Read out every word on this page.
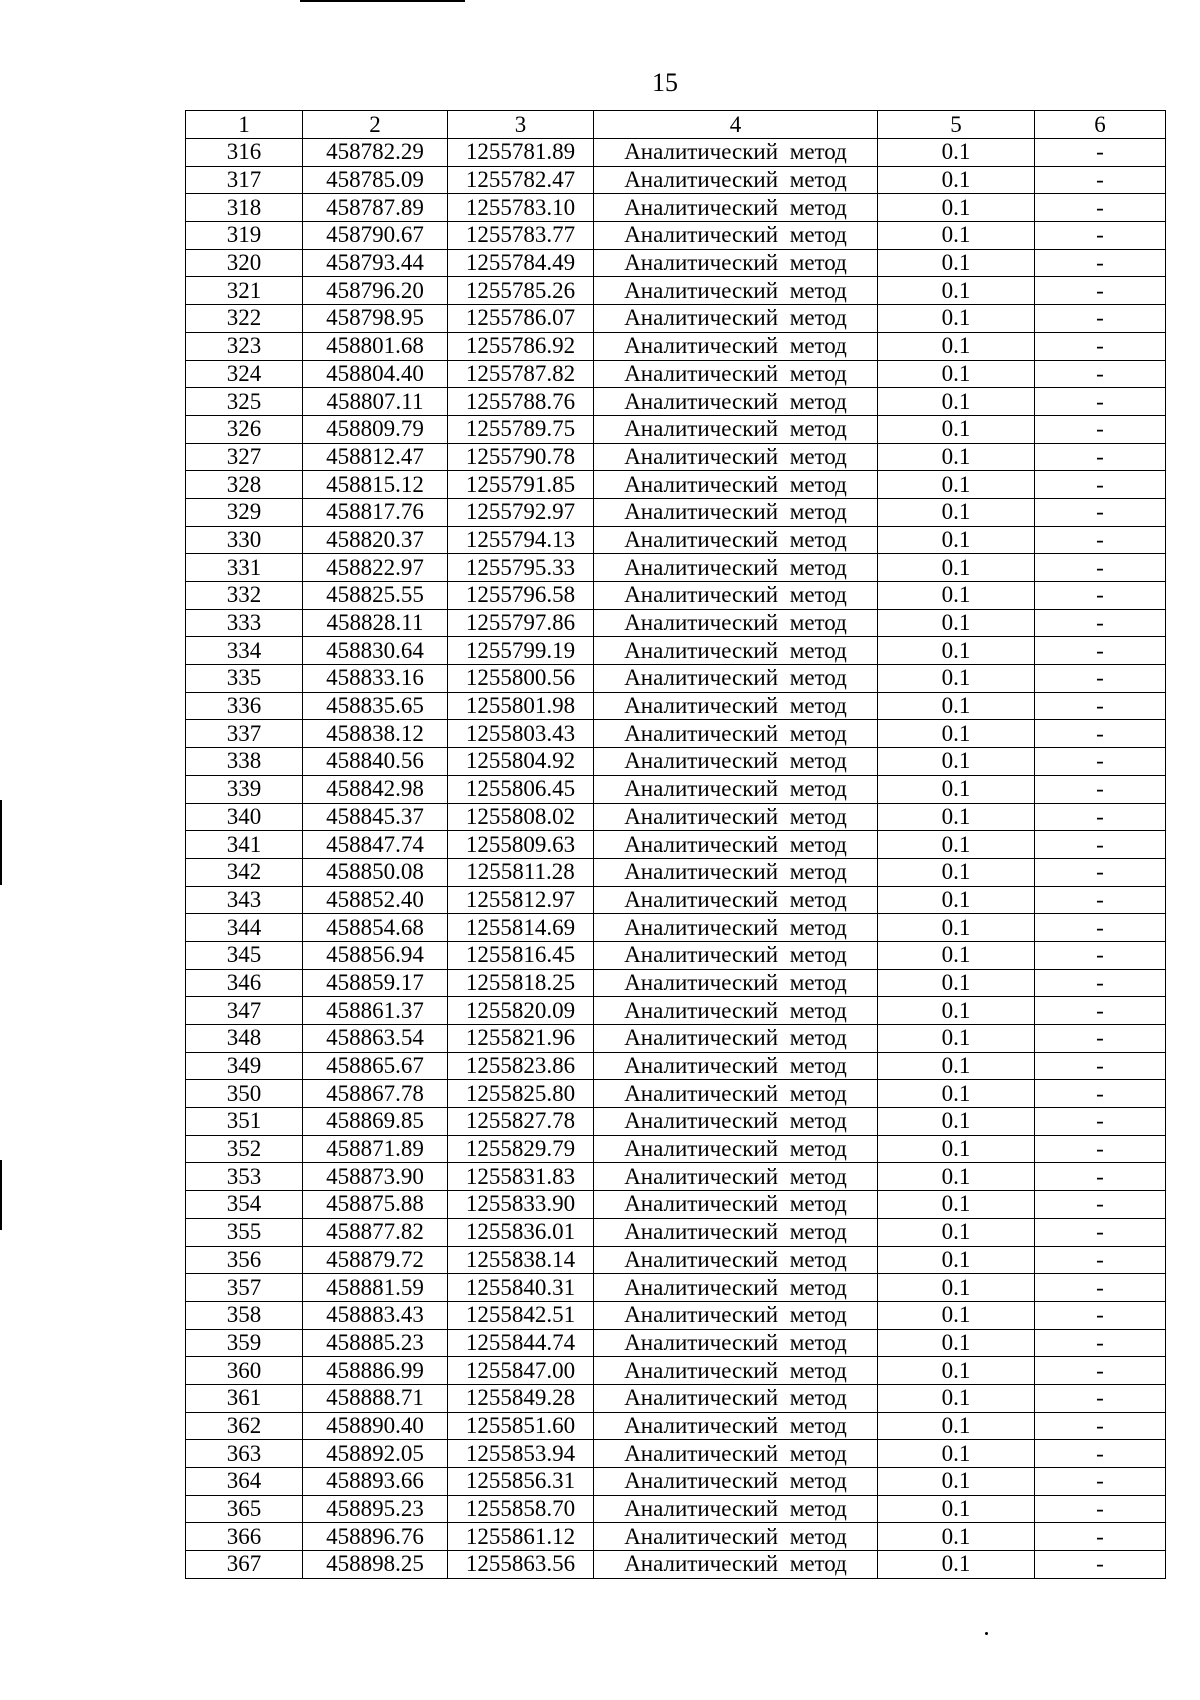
15
1	2	3	4	5	6
316	458782.29	1255781.89	Аналитический метод	0.1	-
317	458785.09	1255782.47	Аналитический метод	0.1	-
318	458787.89	1255783.10	Аналитический метод	0.1	-
319	458790.67	1255783.77	Аналитический метод	0.1	-
320	458793.44	1255784.49	Аналитический метод	0.1	-
321	458796.20	1255785.26	Аналитический метод	0.1	-
322	458798.95	1255786.07	Аналитический метод	0.1	-
323	458801.68	1255786.92	Аналитический метод	0.1	-
324	458804.40	1255787.82	Аналитический метод	0.1	-
325	458807.11	1255788.76	Аналитический метод	0.1	-
326	458809.79	1255789.75	Аналитический метод	0.1	-
327	458812.47	1255790.78	Аналитический метод	0.1	-
328	458815.12	1255791.85	Аналитический метод	0.1	-
329	458817.76	1255792.97	Аналитический метод	0.1	-
330	458820.37	1255794.13	Аналитический метод	0.1	-
331	458822.97	1255795.33	Аналитический метод	0.1	-
332	458825.55	1255796.58	Аналитический метод	0.1	-
333	458828.11	1255797.86	Аналитический метод	0.1	-
334	458830.64	1255799.19	Аналитический метод	0.1	-
335	458833.16	1255800.56	Аналитический метод	0.1	-
336	458835.65	1255801.98	Аналитический метод	0.1	-
337	458838.12	1255803.43	Аналитический метод	0.1	-
338	458840.56	1255804.92	Аналитический метод	0.1	-
339	458842.98	1255806.45	Аналитический метод	0.1	-
340	458845.37	1255808.02	Аналитический метод	0.1	-
341	458847.74	1255809.63	Аналитический метод	0.1	-
342	458850.08	1255811.28	Аналитический метод	0.1	-
343	458852.40	1255812.97	Аналитический метод	0.1	-
344	458854.68	1255814.69	Аналитический метод	0.1	-
345	458856.94	1255816.45	Аналитический метод	0.1	-
346	458859.17	1255818.25	Аналитический метод	0.1	-
347	458861.37	1255820.09	Аналитический метод	0.1	-
348	458863.54	1255821.96	Аналитический метод	0.1	-
349	458865.67	1255823.86	Аналитический метод	0.1	-
350	458867.78	1255825.80	Аналитический метод	0.1	-
351	458869.85	1255827.78	Аналитический метод	0.1	-
352	458871.89	1255829.79	Аналитический метод	0.1	-
353	458873.90	1255831.83	Аналитический метод	0.1	-
354	458875.88	1255833.90	Аналитический метод	0.1	-
355	458877.82	1255836.01	Аналитический метод	0.1	-
356	458879.72	1255838.14	Аналитический метод	0.1	-
357	458881.59	1255840.31	Аналитический метод	0.1	-
358	458883.43	1255842.51	Аналитический метод	0.1	-
359	458885.23	1255844.74	Аналитический метод	0.1	-
360	458886.99	1255847.00	Аналитический метод	0.1	-
361	458888.71	1255849.28	Аналитический метод	0.1	-
362	458890.40	1255851.60	Аналитический метод	0.1	-
363	458892.05	1255853.94	Аналитический метод	0.1	-
364	458893.66	1255856.31	Аналитический метод	0.1	-
365	458895.23	1255858.70	Аналитический метод	0.1	-
366	458896.76	1255861.12	Аналитический метод	0.1	-
367	458898.25	1255863.56	Аналитический метод	0.1	-
